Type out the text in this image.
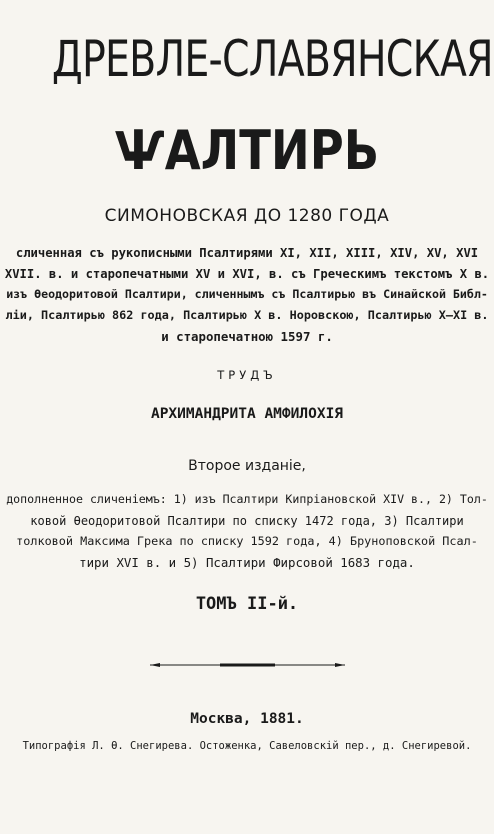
ДРЕВЛЕ-СЛАВЯНСКАЯ
ѰАЛТИРЬ
СИМОНОВСКАЯ ДО 1280 ГОДА
сличенная съ рукописными Псалтирями XI, XII, XIII, XIV, XV, XVI
XVII. в. и старопечатными XV и XVI, в. съ Греческимъ текстомъ X в.
изъ Ѳеодоритовой Псалтири, сличеннымъ съ Псалтирью въ Синайской Библ-
ліи, Псалтирью 862 года, Псалтирью X в. Норовскою, Псалтирью X—XI в.
и старопечатною 1597 г.
ТРУДЪ
АРХИМАНДРИТА АМФИЛОХІЯ
Второе изданіе,
дополненное сличеніемъ: 1) изъ Псалтири Кипріановской XIV в., 2) Тол-
ковой Ѳеодоритовой Псалтири по списку 1472 года, 3) Псалтири
толковой Максима Грека по списку 1592 года, 4) Бруноповской Псал-
тири XVI в. и 5) Псалтири Фирсовой 1683 года.
ТОМЪ II-й.
Москва, 1881.
Типографія Л. Ѳ. Снегирева. Остоженка, Савеловскій пер., д. Снегиревой.
